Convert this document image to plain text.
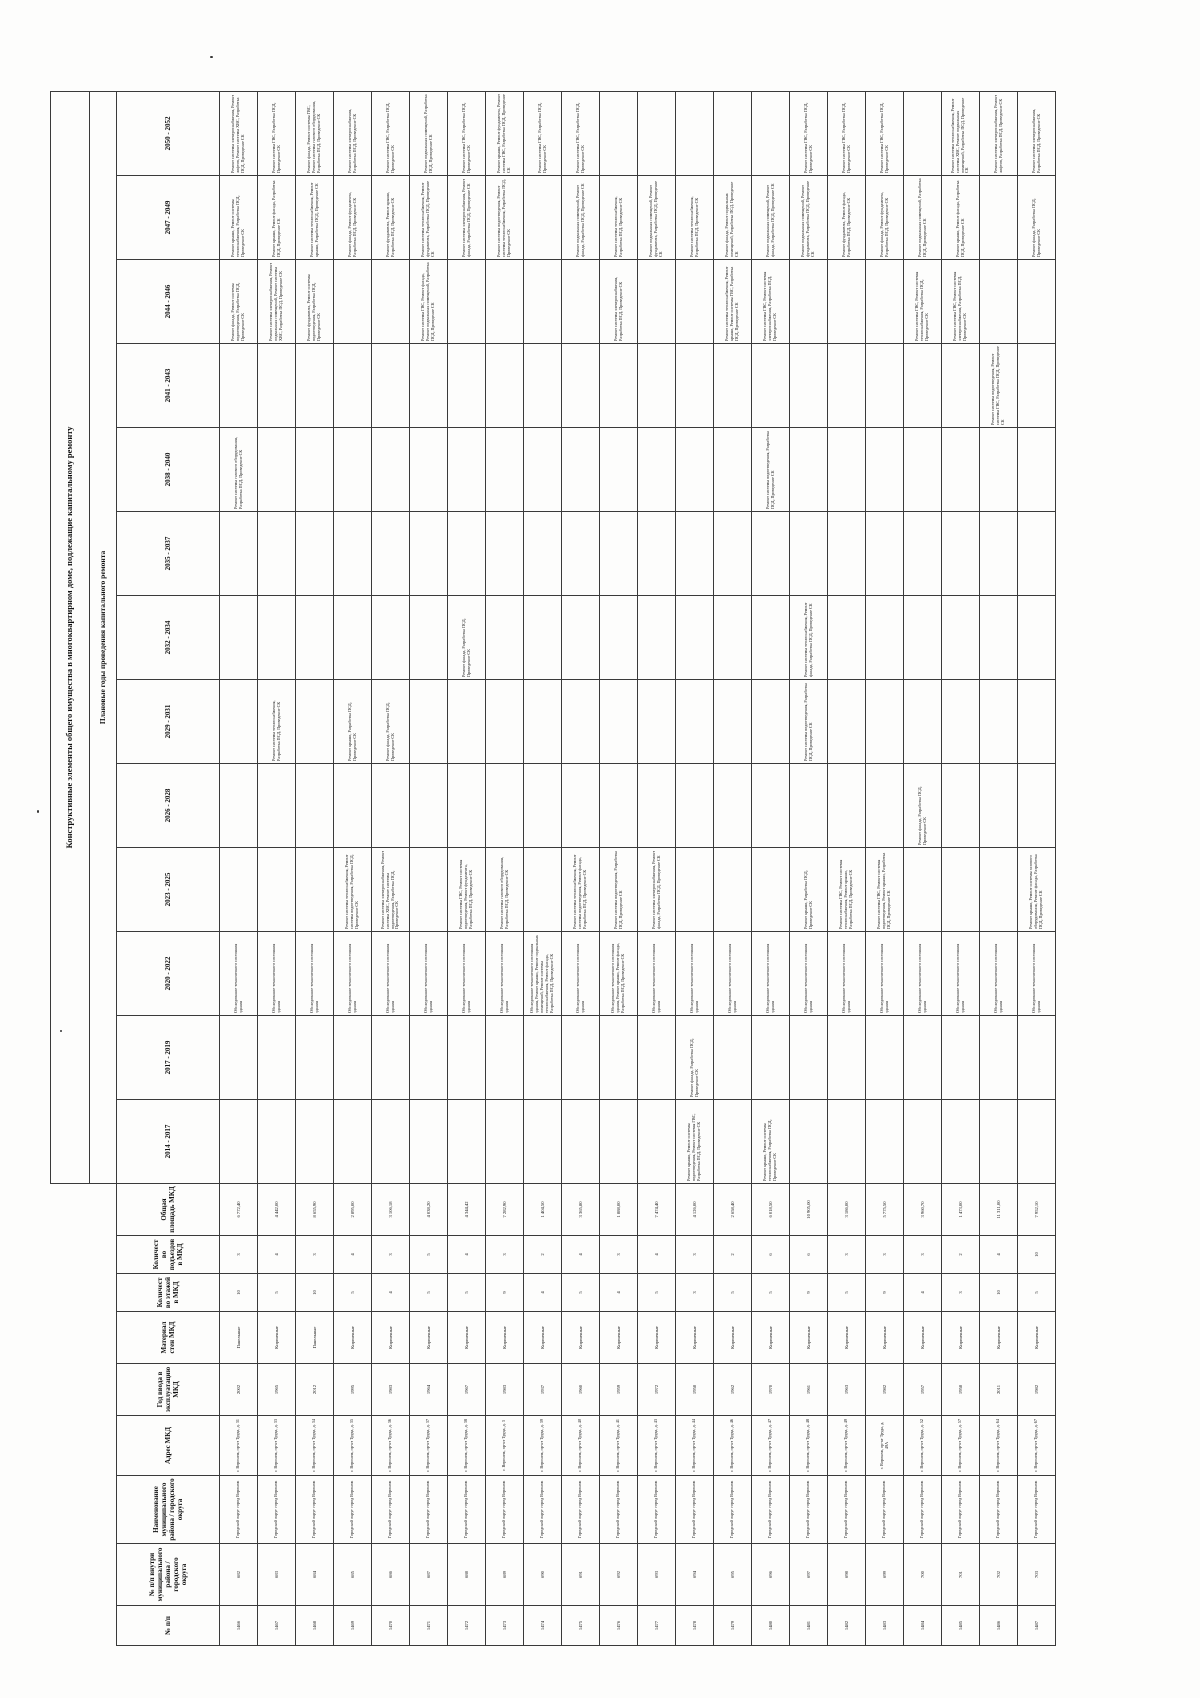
									Конструктивные элементы общего имущества в многоквартирном доме, подлежащие капитальному ремонту												
									Плановые годы проведения капитального ремонта												
№ п/п	№ п/п внутри муниципального района / городского округа	Наименование муниципального района / городского округа	Адрес МКД	Год ввода в эксплуатацию МКД	Материал стен МКД	Количество этажей в МКД	Количество подъездов в МКД	Общая площадь МКД	2014 - 2017	2017 - 2019	2020 - 2022	2023 - 2025	2026 - 2028	2029 - 2031	2032 - 2034	2035 - 2037	2038 - 2040	2041 - 2043	2044 - 2046	2047 - 2049	2050 - 2052
1466	682	Городской округ город Воронеж	г. Воронеж, пр-кт Труда, д. 31	2002	Панельные	10	3	6 772,40			Обследование технического состояния здания						Ремонт системы газового оборудования, Разработка ПСД, Проведение СК		Ремонт фасада, Ремонт системы водоотведения, Разработка ПСД, Проведение СК	Ремонт крыши, Ремонт системы теплоснабжения, Разработка ПСД, Проведение СК	Ремонт системы электроснабжения, Ремонт лифтов, Ремонт системы ХВС, Разработка ПСД, Проведение СК
1467	683	Городской округ город Воронеж	г. Воронеж, пр-кт Труда, д. 33	1965	Кирпичные	5	4	4 442,00			Обследование технического состояния здания			Ремонт системы теплоснабжения, Разработка ПСД, Проведение СК					Ремонт системы электроснабжения, Ремонт подвальных помещений, Ремонт системы ХВС, Разработка ПСД, Проведение СК	Ремонт крыши, Ремонт фасада, Разработка ПСД, Проведение СК	Ремонт системы ГВС, Разработка ПСД, Проведение СК
1468	684	Городской округ город Воронеж	г. Воронеж, пр-кт Труда, д. 34	2012	Панельные	10	3	8 655,90			Обследование технического состояния здания								Ремонт фундамента, Ремонт системы водоотведения, Разработка ПСД, Проведение СК	Ремонт системы теплоснабжения, Ремонт крыши, Разработка ПСД, Проведение СК	Ремонт фасада, Ремонт системы ГВС, Ремонт системы газового оборудования, Разработка ПСД, Проведение СК
1469	685	Городской округ город Воронеж	г. Воронеж, пр-кт Труда, д. 35	1995	Кирпичные	5	4	2 895,00			Обследование технического состояния здания	Ремонт системы теплоснабжения, Ремонт системы водоотведения, Разработка ПСД, Проведение СК		Ремонт крыши, Разработка ПСД, Проведение СК						Ремонт фасада, Ремонт фундамента, Разработка ПСД, Проведение СК	Ремонт системы электроснабжения, Разработка ПСД, Проведение СК
1470	686	Городской округ город Воронеж	г. Воронеж, пр-кт Труда, д. 36	1983	Кирпичные	4	3	3 106,18			Обследование технического состояния здания	Ремонт системы электроснабжения, Ремонт системы ХВС, Ремонт системы водоотведения, Разработка ПСД, Проведение СК		Ремонт фасада, Разработка ПСД, Проведение СК						Ремонт фундамента, Ремонт крыши, Разработка ПСД, Проведение СК	Ремонт системы ГВС, Разработка ПСД, Проведение СК
1471	687	Городской округ город Воронеж	г. Воронеж, пр-кт Труда, д. 37	1964	Кирпичные	5	5	4 038,20			Обследование технического состояния здания								Ремонт системы ГВС, Ремонт фасада, Ремонт подвальных помещений, Разработка ПСД, Проведение СК	Ремонт системы теплоснабжения, Ремонт фундамента, Разработка ПСД, Проведение СК	Ремонт подвальных помещений, Разработка ПСД, Проведение СК
1472	688	Городской округ город Воронеж	г. Воронеж, пр-кт Труда, д. 38	1967	Кирпичные	5	4	4 344,42			Обследование технического состояния здания	Ремонт системы ГВС, Ремонт системы водоотведения, Ремонт фундамента, Разработка ПСД, Проведение СК			Ремонт фасада, Разработка ПСД, Проведение СК					Ремонт системы электроснабжения, Ремонт фасада, Разработка ПСД, Проведение СК	Ремонт системы ГВС, Разработка ПСД, Проведение СК
1473	689	Городской округ город Воронеж	г. Воронеж, пр-кт Труда, д. 3	1983	Кирпичные	9	3	7 282,90			Обследование технического состояния здания	Ремонт системы газового оборудования, Разработка ПСД, Проведение СК								Ремонт системы водоотведения, Ремонт системы теплоснабжения, Разработка ПСД, Проведение СК	Ремонт крыши, Ремонт фундамента, Ремонт системы ГВС, Разработка ПСД, Проведение СК
1474	690	Городской округ город Воронеж	г. Воронеж, пр-кт Труда, д. 39	1937	Кирпичные	4	2	1 404,50			Обследование технического состояния здания, Ремонт крыши, Ремонт подвальных помещений, Ремонт системы теплоснабжения, Ремонт фасада, Разработка ПСД, Проведение СК										Ремонт системы ГВС, Разработка ПСД, Проведение СК
1475	691	Городской округ город Воронеж	г. Воронеж, пр-кт Труда, д. 40	1960	Кирпичные	5	4	3 365,80			Обследование технического состояния здания	Ремонт системы теплоснабжения, Ремонт системы водоотведения, Ремонт фасада, Разработка ПСД, Проведение СК								Ремонт подвальных помещений, Ремонт фасада, Разработка ПСД, Проведение СК	Ремонт системы ГВС, Разработка ПСД, Проведение СК
1476	692	Городской округ город Воронеж	г. Воронеж, пр-кт Труда, д. 41	1959	Кирпичные	4	3	1 888,00			Обследование технического состояния здания, Ремонт крыши, Ремонт фасада, Разработка ПСД, Проведение СК	Ремонт системы водоотведения, Разработка ПСД, Проведение СК							Ремонт системы электроснабжения, Разработка ПСД, Проведение СК	Ремонт системы теплоснабжения, Разработка ПСД, Проведение СК	
1477	693	Городской округ город Воронеж	г. Воронеж, пр-кт Труда, д. 43	1972	Кирпичные	5	4	7 474,40			Обследование технического состояния здания	Ремонт системы электроснабжения, Ремонт фасада, Разработка ПСД, Проведение СК								Ремонт подвальных помещений, Ремонт фундамента, Разработка ПСД, Проведение СК	
1478	694	Городской округ город Воронеж	г. Воронеж, пр-кт Труда, д. 44	1958	Кирпичные	3	3	4 126,00	Ремонт крыши, Ремонт системы водоотведения, Ремонт системы ГВС, Разработка ПСД, Проведение СК	Ремонт фасада, Разработка ПСД, Проведение СК	Обследование технического состояния здания									Ремонт системы теплоснабжения, Разработка ПСД, Проведение СК	
1479	695	Городской округ город Воронеж	г. Воронеж, пр-кт Труда, д. 46	1962	Кирпичные	5	2	2 658,40			Обследование технического состояния здания								Ремонт системы теплоснабжения, Ремонт крыши, Ремонт системы ГВС, Разработка ПСД, Проведение СК	Ремонт фасада, Ремонт подвальных помещений, Разработка ПСД, Проведение СК	
1480	696	Городской округ город Воронеж	г. Воронеж, пр-кт Труда, д. 47	1970	Кирпичные	5	6	6 018,50	Ремонт крыши, Ремонт системы теплоснабжения, Разработка ПСД, Проведение СК		Обследование технического состояния здания						Ремонт системы водоотведения, Разработка ПСД, Проведение СК		Ремонт системы ГВС, Ремонт системы электроснабжения, Разработка ПСД, Проведение СК	Ремонт подвальных помещений, Ремонт фасада, Разработка ПСД, Проведение СК	
1481	697	Городской округ город Воронеж	г. Воронеж, пр-кт Труда, д. 48	1961	Кирпичные	9	6	10 905,00			Обследование технического состояния здания	Ремонт крыши, Разработка ПСД, Проведение СК		Ремонт системы водоотведения, Разработка ПСД, Проведение СК	Ремонт системы теплоснабжения, Ремонт фасада, Разработка ПСД, Проведение СК					Ремонт подвальных помещений, Ремонт фундамента, Разработка ПСД, Проведение СК	Ремонт системы ГВС, Разработка ПСД, Проведение СК
1482	698	Городской округ город Воронеж	г. Воронеж, пр-кт Труда, д. 49	1963	Кирпичные	5	3	3 186,00			Обследование технического состояния здания	Ремонт системы ГВС, Ремонт системы теплоснабжения, Ремонт крыши, Разработка ПСД, Проведение СК								Ремонт фундамента, Ремонт фасада, Разработка ПСД, Проведение СК	Ремонт системы ГВС, Разработка ПСД, Проведение СК
1483	699	Городской округ город Воронеж	г. Воронеж, пр-кт Труда, д. 49А	1982	Кирпичные	9	3	5 775,50			Обследование технического состояния здания	Ремонт системы ГВС, Ремонт системы водоотведения, Ремонт крыши, Разработка ПСД, Проведение СК								Ремонт фасада, Ремонт фундамента, Разработка ПСД, Проведение СК	Ремонт системы ГВС, Разработка ПСД, Проведение СК
1484	700	Городской округ город Воронеж	г. Воронеж, пр-кт Труда, д. 52	1957	Кирпичные	4	3	3 960,70			Обследование технического состояния здания		Ремонт фасада, Разработка ПСД, Проведение СК						Ремонт системы ГВС, Ремонт системы теплоснабжения, Разработка ПСД, Проведение СК	Ремонт подвальных помещений, Разработка ПСД, Проведение СК	
1485	701	Городской округ город Воронеж	г. Воронеж, пр-кт Труда, д. 57	1958	Кирпичные	3	2	1 473,00			Обследование технического состояния здания								Ремонт системы ГВС, Ремонт системы электроснабжения, Разработка ПСД, Проведение СК	Ремонт крыши, Ремонт фасада, Разработка ПСД, Проведение СК	Ремонт системы теплоснабжения, Ремонт системы ХВС, Ремонт подвальных помещений, Разработка ПСД, Проведение СК
1486	702	Городской округ город Воронеж	г. Воронеж, пр-кт Труда, д. 64	2011	Кирпичные	10	4	11 311,00			Обследование технического состояния здания							Ремонт системы водоотведения, Ремонт системы ГВС, Разработка ПСД, Проведение СК			Ремонт системы электроснабжения, Ремонт лифтов, Разработка ПСД, Проведение СК
1487	703	Городской округ город Воронеж	г. Воронеж, пр-кт Труда, д. 67	1982	Кирпичные	5	10	7 952,10			Обследование технического состояния здания	Ремонт крыши, Ремонт системы газового оборудования, Ремонт фасада, Разработка ПСД, Проведение СК								Ремонт фасада, Разработка ПСД, Проведение СК	Ремонт системы электроснабжения, Разработка ПСД, Проведение СК
